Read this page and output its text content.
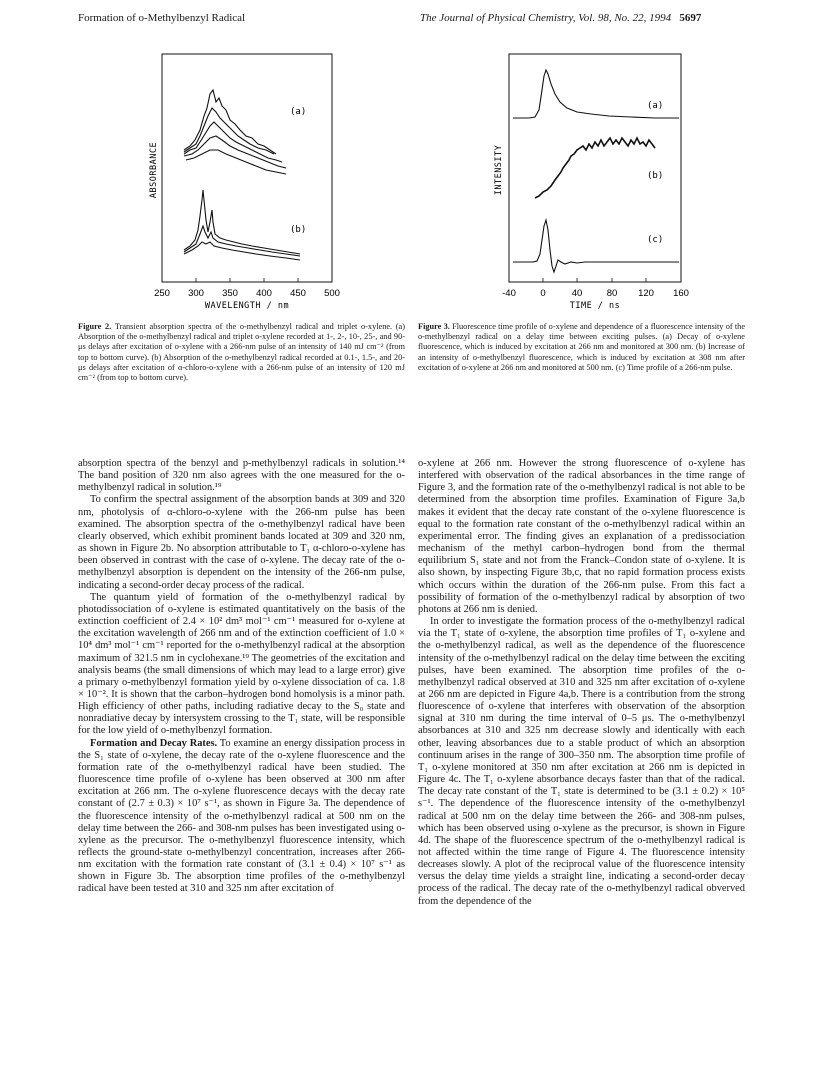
Formation of o-Methylbenzyl Radical	The Journal of Physical Chemistry, Vol. 98, No. 22, 1994 5697
250 300 350 400 450 500
WAVELENGTH / nm
ABSORBANCE
(a)
(b)
-40	0	40	80 120 160
TIME / ns
INTENSITY
(a)
(b)
(c)
Figure 2. Transient absorption spectra of the o-methylbenzyl radical and triplet o-xylene. (a) Absorption of the o-methylbenzyl radical and triplet o-xylene recorded at 1-, 2-, 10-, 25-, and 90-μs delays after excitation of o-xylene with a 266-nm pulse of an intensity of 140 mJ cm⁻² (from top to bottom curve). (b) Absorption of the o-methylbenzyl radical recorded at 0.1-, 1.5-, and 20-μs delays after excitation of α-chloro-o-xylene with a 266-nm pulse of an intensity of 120 mJ cm⁻² (from top to bottom curve).
Figure 3. Fluorescence time profile of o-xylene and dependence of a fluorescence intensity of the o-methylbenzyl radical on a delay time between exciting pulses. (a) Decay of o-xylene fluorescence, which is induced by excitation at 266 nm and monitored at 300 nm. (b) Increase of an intensity of o-methylbenzyl fluorescence, which is induced by excitation at 308 nm after excitation of o-xylene at 266 nm and monitored at 500 nm. (c) Time profile of a 266-nm pulse.

absorption spectra of the benzyl and p-methylbenzyl radicals in solution.¹⁴ The band position of 320 nm also agrees with the one measured for the o-methylbenzyl radical in solution.¹⁹

To confirm the spectral assignment of the absorption bands at 309 and 320 nm, photolysis of α-chloro-o-xylene with the 266-nm pulse has been examined. The absorption spectra of the o-methylbenzyl radical have been clearly observed, which exhibit prominent bands located at 309 and 320 nm, as shown in Figure 2b. No absorption attributable to T₁ α-chloro-o-xylene has been observed in contrast with the case of o-xylene. The decay rate of the o-methylbenzyl absorption is dependent on the intensity of the 266-nm pulse, indicating a second-order decay process of the radical.

The quantum yield of formation of the o-methylbenzyl radical by photodissociation of o-xylene is estimated quantitatively on the basis of the extinction coefficient of 2.4 × 10² dm³ mol⁻¹ cm⁻¹ measured for o-xylene at the excitation wavelength of 266 nm and of the extinction coefficient of 1.0 × 10⁴ dm³ mol⁻¹ cm⁻¹ reported for the o-methylbenzyl radical at the absorption maximum of 321.5 nm in cyclohexane.¹⁹ The geometries of the excitation and analysis beams (the small dimensions of which may lead to a large error) give a primary o-methylbenzyl formation yield by o-xylene dissociation of ca. 1.8 × 10⁻². It is shown that the carbon–hydrogen bond homolysis is a minor path. High efficiency of other paths, including radiative decay to the S₀ state and nonradiative decay by intersystem crossing to the T₁ state, will be responsible for the low yield of o-methylbenzyl formation.

Formation and Decay Rates. To examine an energy dissipation process in the S₁ state of o-xylene, the decay rate of the o-xylene fluorescence and the formation rate of the o-methylbenzyl radical have been studied. The fluorescence time profile of o-xylene has been observed at 300 nm after excitation at 266 nm. The o-xylene fluorescence decays with the decay rate constant of (2.7 ± 0.3) × 10⁷ s⁻¹, as shown in Figure 3a. The dependence of the fluorescence intensity of the o-methylbenzyl radical at 500 nm on the delay time between the 266- and 308-nm pulses has been investigated using o-xylene as the precursor. The o-methylbenzyl fluorescence intensity, which reflects the ground-state o-methylbenzyl concentration, increases after 266-nm excitation with the formation rate constant of (3.1 ± 0.4) × 10⁷ s⁻¹ as shown in Figure 3b. The absorption time profiles of the o-methylbenzyl radical have been tested at 310 and 325 nm after excitation of

o-xylene at 266 nm. However the strong fluorescence of o-xylene has interfered with observation of the radical absorbances in the time range of Figure 3, and the formation rate of the o-methylbenzyl radical is not able to be determined from the absorption time profiles. Examination of Figure 3a,b makes it evident that the decay rate constant of the o-xylene fluorescence is equal to the formation rate constant of the o-methylbenzyl radical within an experimental error. The finding gives an explanation of a predissociation mechanism of the methyl carbon–hydrogen bond from the thermal equilibrium S₁ state and not from the Franck–Condon state of o-xylene. It is also shown, by inspecting Figure 3b,c, that no rapid formation process exists which occurs within the duration of the 266-nm pulse. From this fact a possibility of formation of the o-methylbenzyl radical by absorption of two photons at 266 nm is denied.

In order to investigate the formation process of the o-methylbenzyl radical via the T₁ state of o-xylene, the absorption time profiles of T₁ o-xylene and the o-methylbenzyl radical, as well as the dependence of the fluorescence intensity of the o-methylbenzyl radical on the delay time between the exciting pulses, have been examined. The absorption time profiles of the o-methylbenzyl radical observed at 310 and 325 nm after excitation of o-xylene at 266 nm are depicted in Figure 4a,b. There is a contribution from the strong fluorescence of o-xylene that interferes with observation of the absorption signal at 310 nm during the time interval of 0–5 μs. The o-methylbenzyl absorbances at 310 and 325 nm decrease slowly and identically with each other, leaving absorbances due to a stable product of which an absorption continuum arises in the range of 300–350 nm. The absorption time profile of T₁ o-xylene monitored at 350 nm after excitation at 266 nm is depicted in Figure 4c. The T₁ o-xylene absorbance decays faster than that of the radical. The decay rate constant of the T₁ state is determined to be (3.1 ± 0.2) × 10⁵ s⁻¹. The dependence of the fluorescence intensity of the o-methylbenzyl radical at 500 nm on the delay time between the 266- and 308-nm pulses, which has been observed using o-xylene as the precursor, is shown in Figure 4d. The shape of the fluorescence spectrum of the o-methylbenzyl radical is not affected within the time range of Figure 4. The fluorescence intensity decreases slowly. A plot of the reciprocal value of the fluorescence intensity versus the delay time yields a straight line, indicating a second-order decay process of the radical. The decay rate of the o-methylbenzyl radical obverved from the dependence of the
